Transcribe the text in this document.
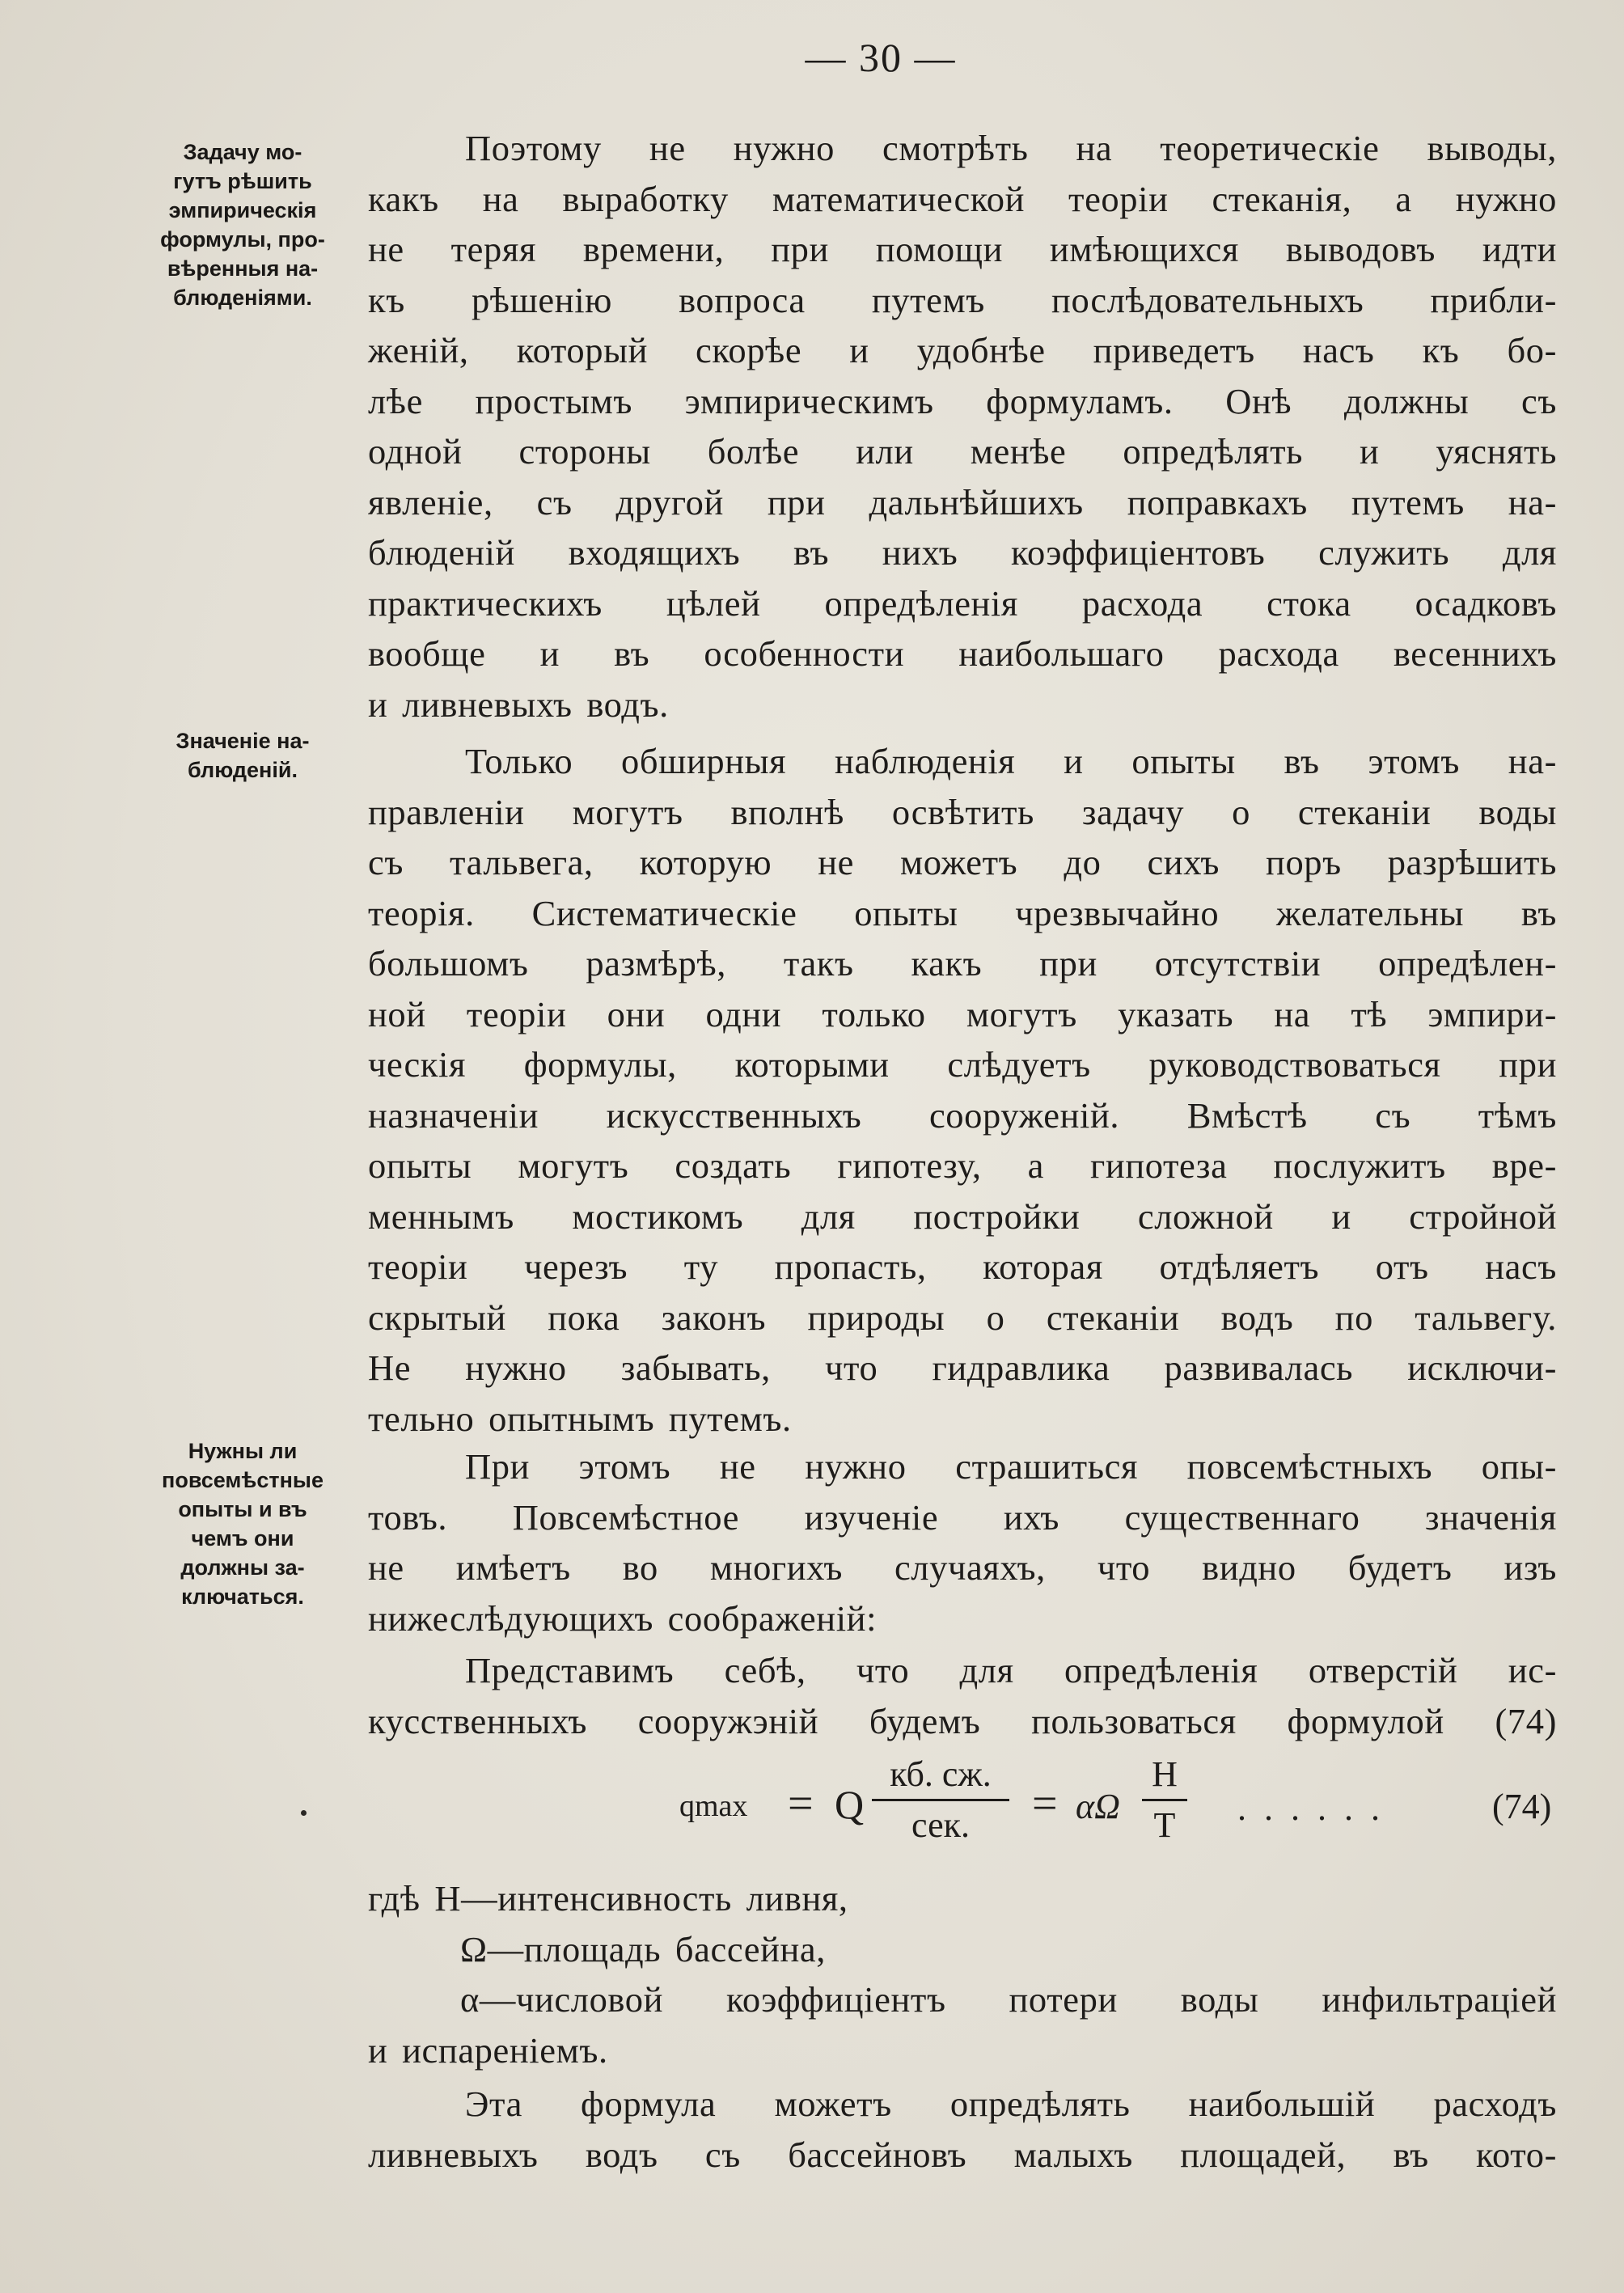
— 30 —
Задачу мо-
гутъ рѣшить
эмпирическія
формулы, про-
вѣренныя на-
блюденіями.
Значеніе на-
блюденій.
Нужны ли
повсемѣстные
опыты и въ
чемъ они
должны за-
ключаться.
Поэтому не нужно смотрѣть на теоретическіе выводы,
какъ на выработку математической теоріи стеканія, а нужно
не теряя времени, при помощи имѣющихся выводовъ идти
къ рѣшенію вопроса путемъ послѣдовательныхъ прибли-
женій, который скорѣе и удобнѣе приведетъ насъ къ бо-
лѣе простымъ эмпирическимъ формуламъ. Онѣ должны съ
одной стороны болѣе или менѣе опредѣлять и уяснять
явленіе, съ другой при дальнѣйшихъ поправкахъ путемъ на-
блюденій входящихъ въ нихъ коэффиціентовъ служить для
практическихъ цѣлей опредѣленія расхода стока осадковъ
вообще и въ особенности наибольшаго расхода весеннихъ
и ливневыхъ водъ.
Только обширныя наблюденія и опыты въ этомъ на-
правленіи могутъ вполнѣ освѣтить задачу о стеканіи воды
съ тальвега, которую не можетъ до сихъ поръ разрѣшить
теорія. Систематическіе опыты чрезвычайно желательны въ
большомъ размѣрѣ, такъ какъ при отсутствіи опредѣлен-
ной теоріи они одни только могутъ указать на тѣ эмпири-
ческія формулы, которыми слѣдуетъ руководствоваться при
назначеніи искусственныхъ сооруженій. Вмѣстѣ съ тѣмъ
опыты могутъ создать гипотезу, а гипотеза послужитъ вре-
меннымъ мостикомъ для постройки сложной и стройной
теоріи черезъ ту пропасть, которая отдѣляетъ отъ насъ
скрытый пока законъ природы о стеканіи водъ по тальвегу.
Не нужно забывать, что гидравлика развивалась исключи-
тельно опытнымъ путемъ.
При этомъ не нужно страшиться повсемѣстныхъ опы-
товъ. Повсемѣстное изученіе ихъ существеннаго значенія
не имѣетъ во многихъ случаяхъ, что видно будетъ изъ
нижеслѣдующихъ соображеній:
Представимъ себѣ, что для опредѣленія отверстій ис-
кусственныхъ сооружэній будемъ пользоваться формулой (74)
qmax = Q
кб. сж.
сек.	= αΩ
H
T	......	(74)
гдѣ H—интенсивность ливня,
Ω—площадь бассейна,
α—числовой коэффиціентъ потери воды инфильтраціей
и испареніемъ.
Эта формула можетъ опредѣлять наибольшій расходъ
ливневыхъ водъ съ бассейновъ малыхъ площадей, въ кото-
